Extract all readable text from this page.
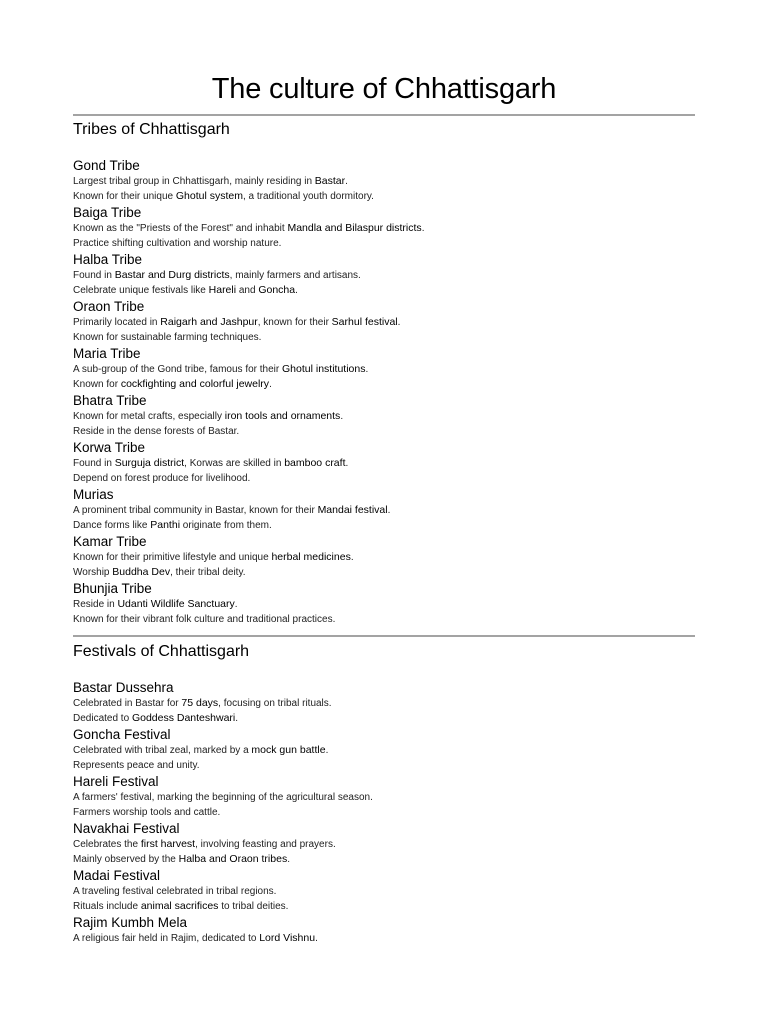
The culture of Chhattisgarh
Tribes of Chhattisgarh
Gond Tribe

Largest tribal group in Chhattisgarh, mainly residing in Bastar.

Known for their unique Ghotul system, a traditional youth dormitory.

Baiga Tribe

Known as the "Priests of the Forest" and inhabit Mandla and Bilaspur districts.

Practice shifting cultivation and worship nature.

Halba Tribe

Found in Bastar and Durg districts, mainly farmers and artisans.

Celebrate unique festivals like Hareli and Goncha.

Oraon Tribe

Primarily located in Raigarh and Jashpur, known for their Sarhul festival.

Known for sustainable farming techniques.

Maria Tribe

A sub-group of the Gond tribe, famous for their Ghotul institutions.

Known for cockfighting and colorful jewelry.

Bhatra Tribe

Known for metal crafts, especially iron tools and ornaments.

Reside in the dense forests of Bastar.

Korwa Tribe

Found in Surguja district, Korwas are skilled in bamboo craft.

Depend on forest produce for livelihood.

Murias

A prominent tribal community in Bastar, known for their Mandai festival.

Dance forms like Panthi originate from them.

Kamar Tribe

Known for their primitive lifestyle and unique herbal medicines.

Worship Buddha Dev, their tribal deity.

Bhunjia Tribe

Reside in Udanti Wildlife Sanctuary.

Known for their vibrant folk culture and traditional practices.

Festivals of Chhattisgarh
Bastar Dussehra

Celebrated in Bastar for 75 days, focusing on tribal rituals.

Dedicated to Goddess Danteshwari.

Goncha Festival

Celebrated with tribal zeal, marked by a mock gun battle.

Represents peace and unity.

Hareli Festival

A farmers' festival, marking the beginning of the agricultural season.

Farmers worship tools and cattle.

Navakhai Festival

Celebrates the first harvest, involving feasting and prayers.

Mainly observed by the Halba and Oraon tribes.

Madai Festival

A traveling festival celebrated in tribal regions.

Rituals include animal sacrifices to tribal deities.

Rajim Kumbh Mela

A religious fair held in Rajim, dedicated to Lord Vishnu.
